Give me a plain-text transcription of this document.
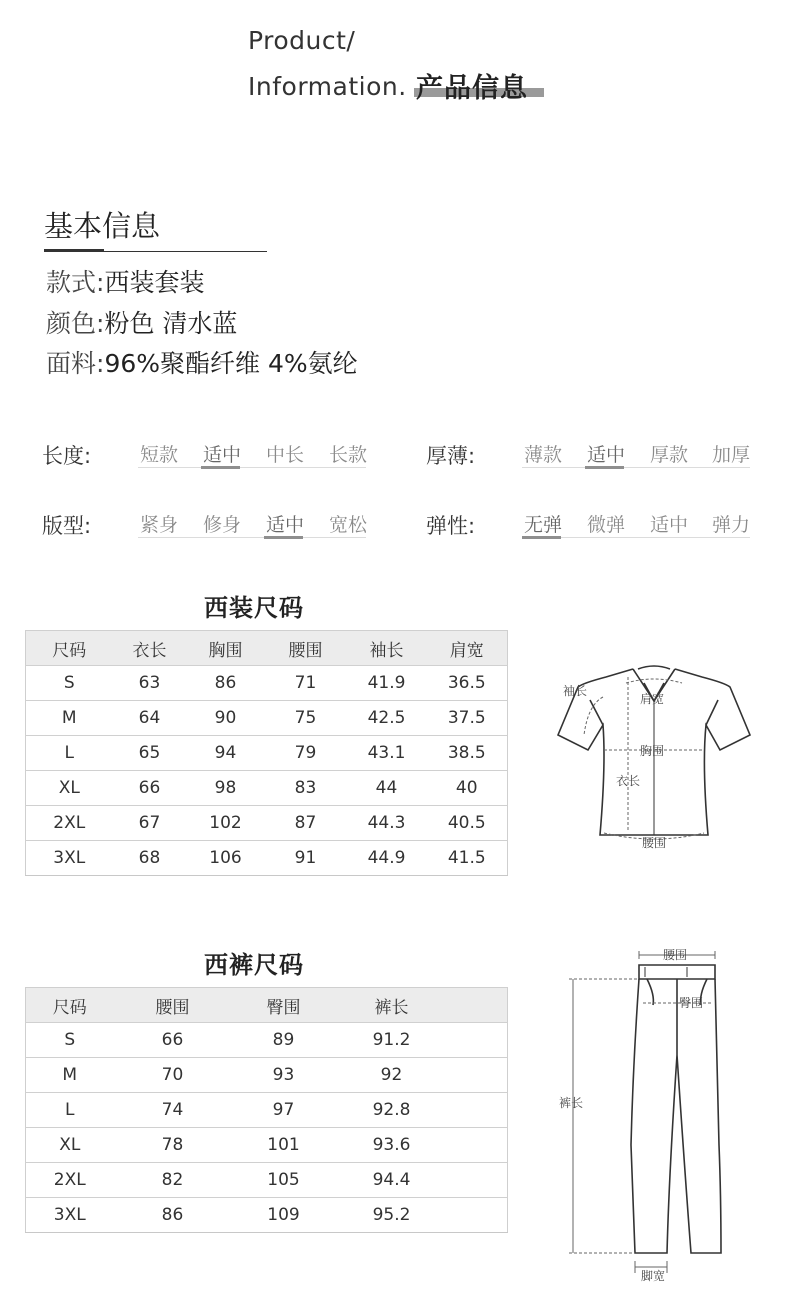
Product/
Information. 产品信息
基本信息
款式:西装套装
颜色:粉色 清水蓝
面料:96%聚酯纤维 4%氨纶
长度:	短款 适中 中长 长款	厚薄:	薄款 适中 厚款 加厚
版型:	紧身 修身 适中 宽松	弹性:	无弹 微弹 适中 弹力
西装尺码
尺码	衣长	胸围	腰围	袖长	肩宽
S	63	86	71	41.9	36.5
M	64	90	75	42.5	37.5
L	65	94	79	43.1	38.5
XL	66	98	83	44	40
2XL	67	102	87	44.3	40.5
3XL	68	106	91	44.9	41.5
袖长
肩宽
胸围
衣长
腰围
西裤尺码
尺码	腰围	臀围	裤长	
S	66	89	91.2	
M	70	93	92	
L	74	97	92.8	
XL	78	101	93.6	
2XL	82	105	94.4	
3XL	86	109	95.2	
腰围
臀围
裤长
脚宽
